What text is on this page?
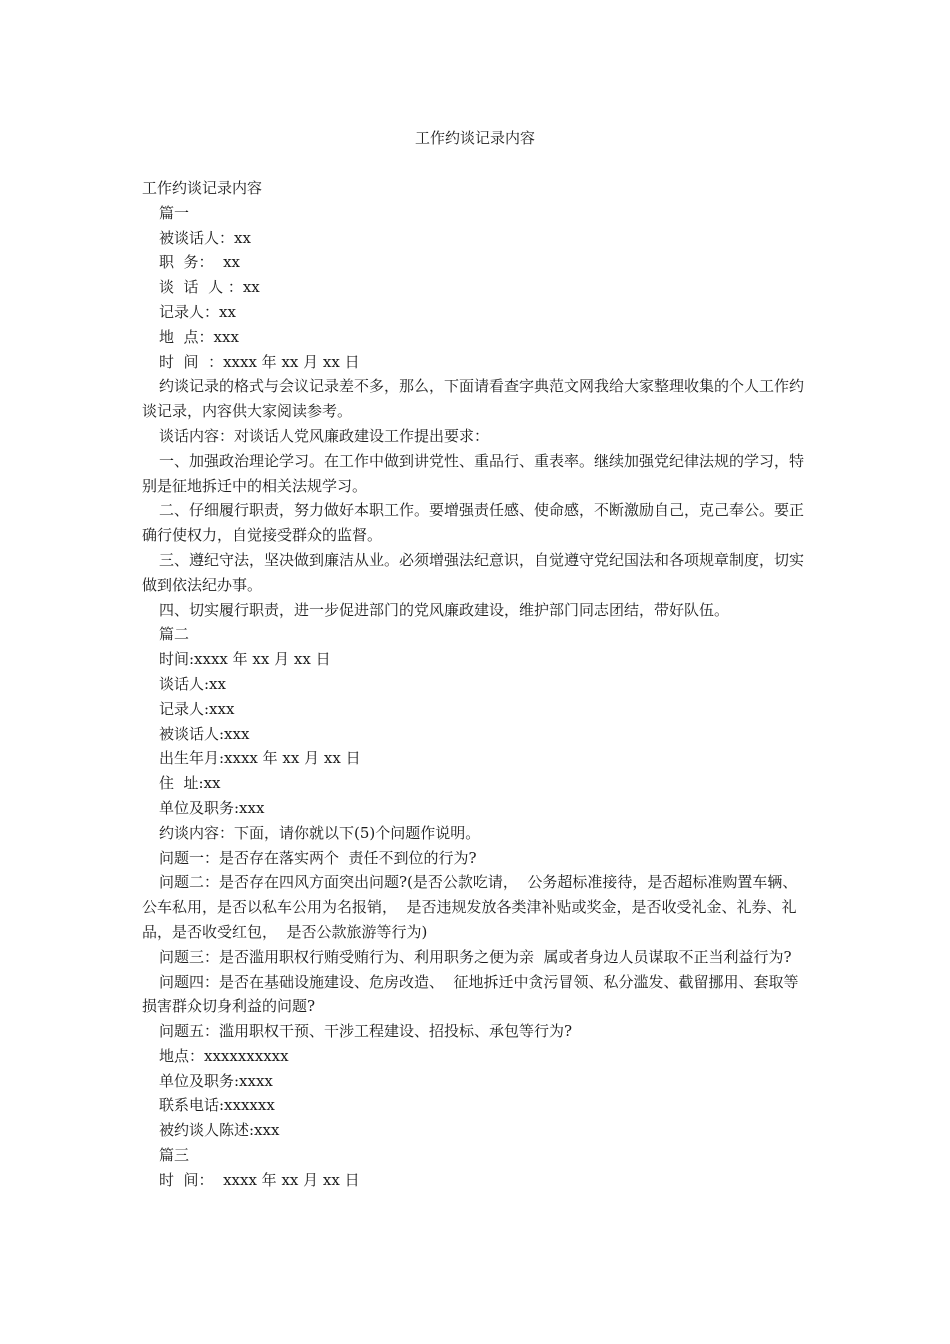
工作约谈记录内容

工作约谈记录内容

篇一

被谈话人：xx

职  务：  xx

谈  话  人 ：xx

记录人：xx

地  点：xxx

时  间  ：xxxx 年 xx 月 xx 日

约谈记录的格式与会议记录差不多，那么，下面请看查字典范文网我给大家整理收集的个人工作约谈记录，内容供大家阅读参考。

谈话内容：对谈话人党风廉政建设工作提出要求：

一、加强政治理论学习。在工作中做到讲党性、重品行、重表率。继续加强党纪律法规的学习，特别是征地拆迁中的相关法规学习。

二、仔细履行职责，努力做好本职工作。要增强责任感、使命感，不断激励自己，克己奉公。要正确行使权力，自觉接受群众的监督。

三、遵纪守法，坚决做到廉洁从业。必须增强法纪意识，自觉遵守党纪国法和各项规章制度，切实做到依法纪办事。

四、切实履行职责，进一步促进部门的党风廉政建设，维护部门同志团结，带好队伍。

篇二

时间:xxxx 年 xx 月 xx 日

谈话人:xx

记录人:xxx

被谈话人:xxx

出生年月:xxxx 年 xx 月 xx 日

住  址:xx

单位及职务:xxx

约谈内容：下面，请你就以下(5)个问题作说明。

问题一：是否存在落实两个  责任不到位的行为?

问题二：是否存在四风方面突出问题?(是否公款吃请，  公务超标准接待，是否超标准购置车辆、公车私用，是否以私车公用为名报销，  是否违规发放各类津补贴或奖金，是否收受礼金、礼券、礼品，是否收受红包，  是否公款旅游等行为)

问题三：是否滥用职权行贿受贿行为、利用职务之便为亲  属或者身边人员谋取不正当利益行为?

问题四：是否在基础设施建设、危房改造、  征地拆迁中贪污冒领、私分滥发、截留挪用、套取等损害群众切身利益的问题?

问题五：滥用职权干预、干涉工程建设、招投标、承包等行为?

地点：xxxxxxxxxx

单位及职务:xxxx

联系电话:xxxxxx

被约谈人陈述:xxx

篇三

时  间：  xxxx 年 xx 月 xx 日
